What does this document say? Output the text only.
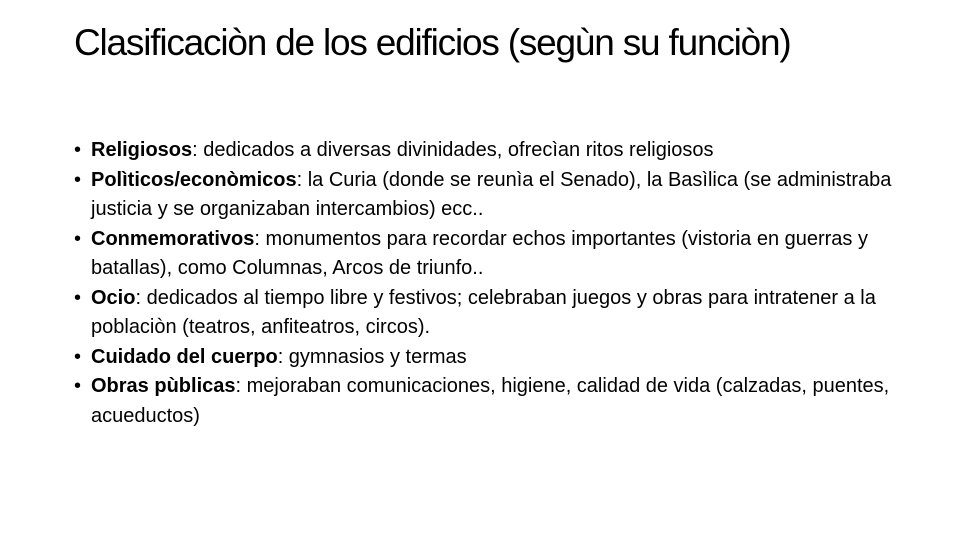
Clasificaciòn de los edificios (segùn su funciòn)
• Religiosos: dedicados a diversas divinidades, ofrecìan ritos religiosos
• Polìticos/econòmicos: la Curia (donde se reunìa el Senado), la Basìlica (se administraba justicia y se organizaban intercambios) ecc..
• Conmemorativos: monumentos para recordar echos importantes (vistoria en guerras y batallas), como Columnas, Arcos de triunfo..
• Ocio: dedicados al tiempo libre y festivos; celebraban juegos y obras para intratener a la poblaciòn (teatros, anfiteatros, circos).
• Cuidado del cuerpo: gymnasios y termas
• Obras pùblicas: mejoraban comunicaciones, higiene, calidad de vida (calzadas, puentes, acueductos)
